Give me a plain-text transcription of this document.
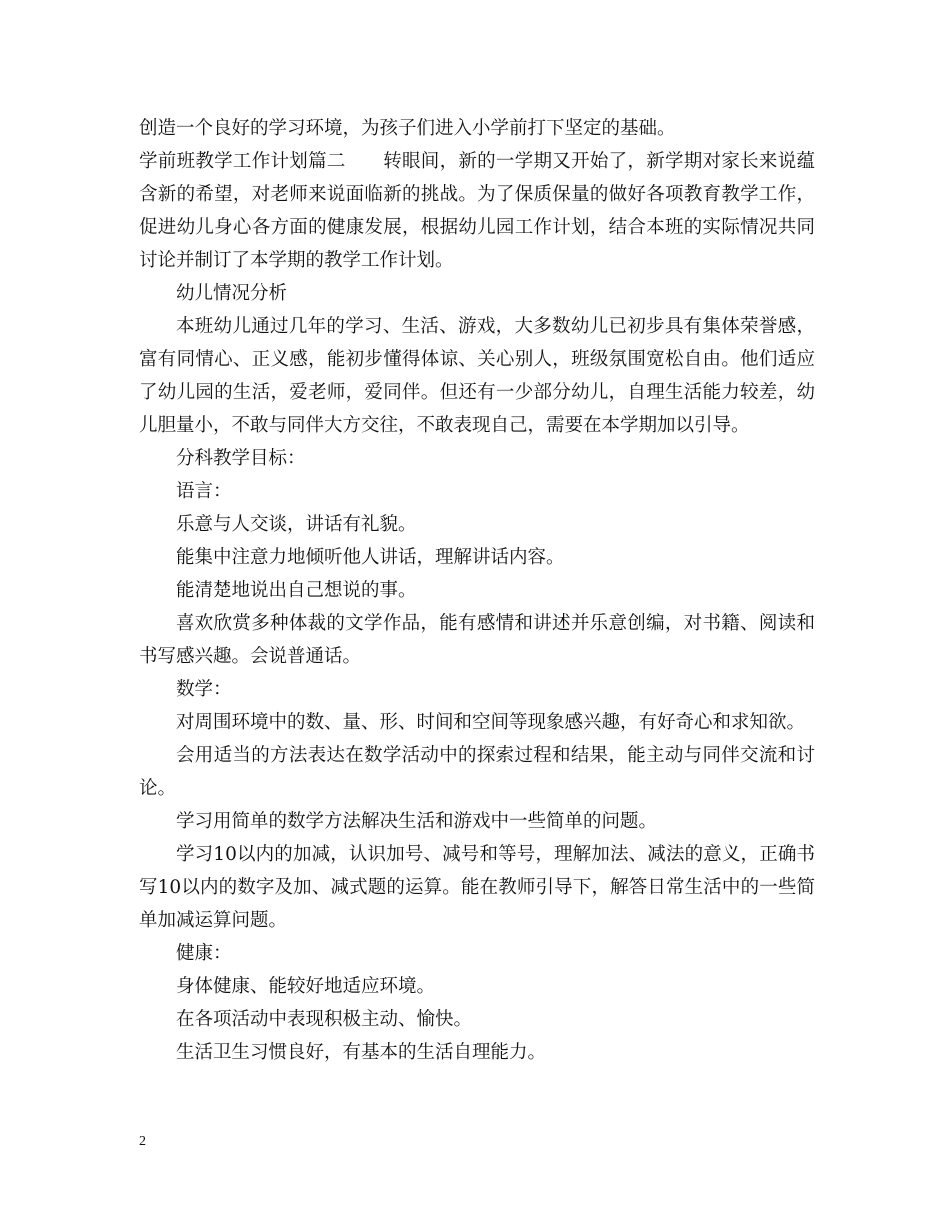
创造一个良好的学习环境，为孩子们进入小学前打下坚定的基础。

学前班教学工作计划篇二　　转眼间，新的一学期又开始了，新学期对家长来说蕴含新的希望，对老师来说面临新的挑战。为了保质保量的做好各项教育教学工作，促进幼儿身心各方面的健康发展，根据幼儿园工作计划，结合本班的实际情况共同讨论并制订了本学期的教学工作计划。

幼儿情况分析

本班幼儿通过几年的学习、生活、游戏，大多数幼儿已初步具有集体荣誉感，富有同情心、正义感，能初步懂得体谅、关心别人，班级氛围宽松自由。他们适应了幼儿园的生活，爱老师，爱同伴。但还有一少部分幼儿，自理生活能力较差，幼儿胆量小，不敢与同伴大方交往，不敢表现自己，需要在本学期加以引导。

分科教学目标：

语言：

乐意与人交谈，讲话有礼貌。

能集中注意力地倾听他人讲话，理解讲话内容。

能清楚地说出自己想说的事。

喜欢欣赏多种体裁的文学作品，能有感情和讲述并乐意创编，对书籍、阅读和书写感兴趣。会说普通话。

数学：

对周围环境中的数、量、形、时间和空间等现象感兴趣，有好奇心和求知欲。

会用适当的方法表达在数学活动中的探索过程和结果，能主动与同伴交流和讨论。

学习用简单的数学方法解决生活和游戏中一些简单的问题。

学习10以内的加减，认识加号、减号和等号，理解加法、减法的意义，正确书写10以内的数字及加、减式题的运算。能在教师引导下，解答日常生活中的一些简单加减运算问题。

健康：

身体健康、能较好地适应环境。

在各项活动中表现积极主动、愉快。

生活卫生习惯良好，有基本的生活自理能力。

2
